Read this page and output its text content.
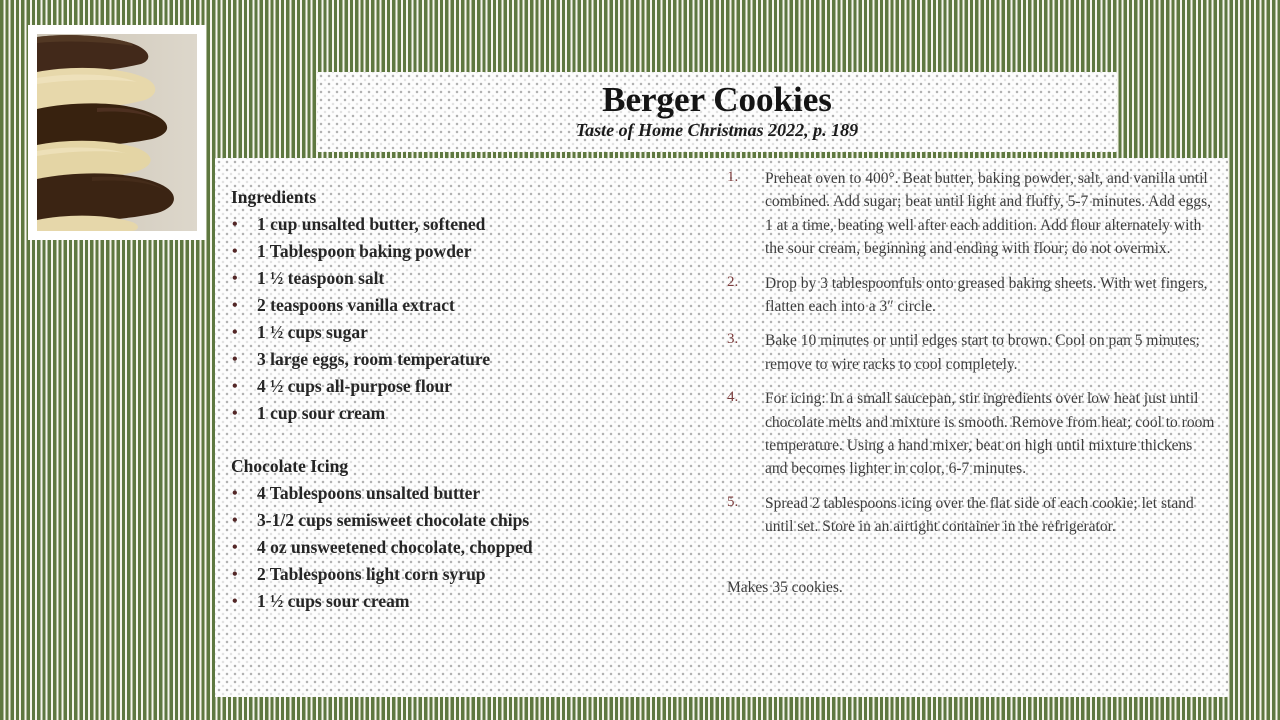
Berger Cookies
Taste of Home Christmas 2022, p. 189
Ingredients
• 1 cup unsalted butter, softened
• 1 Tablespoon baking powder
• 1 ½ teaspoon salt
• 2 teaspoons vanilla extract
• 1 ½ cups sugar
• 3 large eggs, room temperature
• 4 ½ cups all-purpose flour
• 1 cup sour cream
Chocolate Icing
• 4 Tablespoons unsalted butter
• 3-1/2 cups semisweet chocolate chips
• 4 oz unsweetened chocolate, chopped
• 2 Tablespoons light corn syrup
• 1 ½ cups sour cream
1.	Preheat oven to 400°. Beat butter, baking powder, salt, and vanilla until combined. Add sugar; beat until light and fluffy, 5-7 minutes. Add eggs, 1 at a time, beating well after each addition. Add flour alternately with the sour cream, beginning and ending with flour; do not overmix.
2.	Drop by 3 tablespoonfuls onto greased baking sheets. With wet fingers, flatten each into a 3″ circle.
3.	Bake 10 minutes or until edges start to brown. Cool on pan 5 minutes; remove to wire racks to cool completely.
4.	For icing: In a small saucepan, stir ingredients over low heat just until chocolate melts and mixture is smooth. Remove from heat; cool to room temperature. Using a hand mixer, beat on high until mixture thickens and becomes lighter in color, 6-7 minutes.
5.	Spread 2 tablespoons icing over the flat side of each cookie; let stand until set. Store in an airtight container in the refrigerator.
Makes 35 cookies.
